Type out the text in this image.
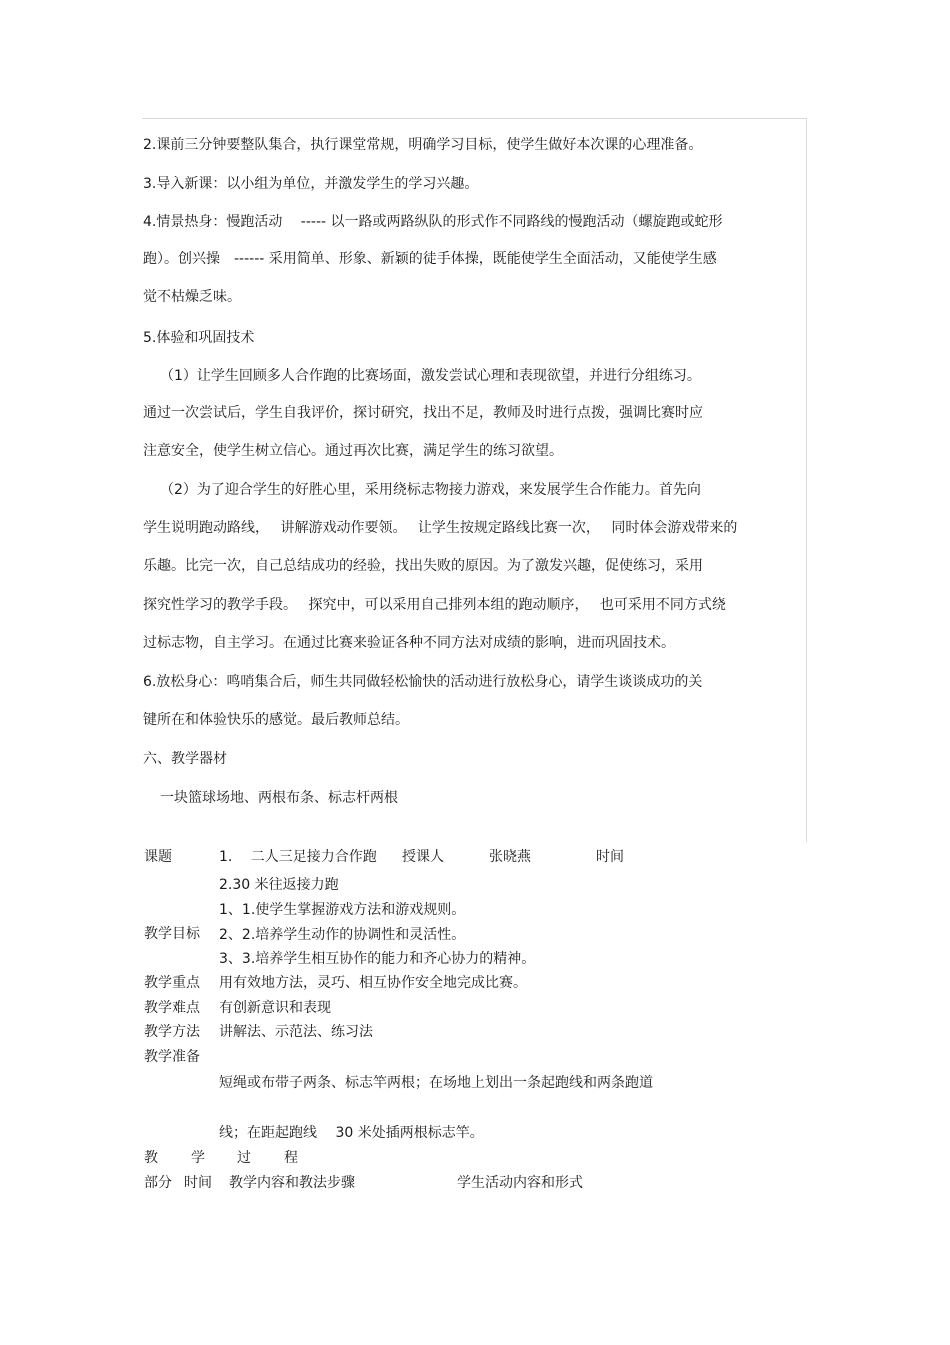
2.课前三分钟要整队集合，执行课堂常规，明确学习目标，使学生做好本次课的心理准备。
3.导入新课：以小组为单位，并激发学生的学习兴趣。
4.情景热身：慢跑活动　 ----- 以一路或两路纵队的形式作不同路线的慢跑活动（螺旋跑或蛇形
跑）。创兴操　------ 采用简单、形象、新颖的徒手体操，既能使学生全面活动，又能使学生感
觉不枯燥乏味。
5.体验和巩固技术
（1）让学生回顾多人合作跑的比赛场面，激发尝试心理和表现欲望，并进行分组练习。
通过一次尝试后，学生自我评价，探讨研究，找出不足，教师及时进行点拨，强调比赛时应
注意安全，使学生树立信心。通过再次比赛，满足学生的练习欲望。
（2）为了迎合学生的好胜心里，采用绕标志物接力游戏，来发展学生合作能力。首先向
学生说明跑动路线，　 讲解游戏动作要领。　 让学生按规定路线比赛一次，　 同时体会游戏带来的
乐趣。比完一次，自己总结成功的经验，找出失败的原因。为了激发兴趣，促使练习，采用
探究性学习的教学手段。　 探究中，可以采用自己排列本组的跑动顺序，　 也可采用不同方式绕
过标志物，自主学习。在通过比赛来验证各种不同方法对成绩的影响，进而巩固技术。
6.放松身心：鸣哨集合后，师生共同做轻松愉快的活动进行放松身心，请学生谈谈成功的关
键所在和体验快乐的感觉。最后教师总结。
六、教学器材
一块篮球场地、两根布条、标志杆两根
课题	1.　 二人三足接力合作跑 授课人	张晓燕	时间
2.30 米往返接力跑
教学目标
1、1.使学生掌握游戏方法和游戏规则。
2、2.培养学生动作的协调性和灵活性。
3、3.培养学生相互协作的能力和齐心协力的精神。
教学重点 用有效地方法，灵巧、相互协作安全地完成比赛。
教学难点 有创新意识和表现
教学方法 讲解法、示范法、练习法
教学准备
短绳或布带子两条、标志竿两根；在场地上划出一条起跑线和两条跑道
线；在距起跑线　 30 米处插两根标志竿。
教 学 过 程
部分 时间 教学内容和教法步骤	学生活动内容和形式
